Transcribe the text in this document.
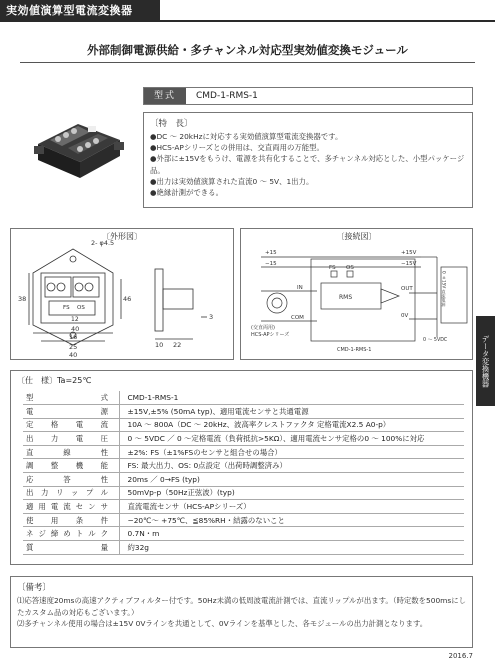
実効値演算型電流変換器
外部制御電源供給・多チャンネル対応型実効値変換モジュール
型式	CMD-1-RMS-1
〔特　長〕
●DC ～ 20kHzに対応する実効値演算型電流変換器です。
●HCS-APシリーズとの併用は、交直両用の万能型。
●外部に±15Vをもうけ、電源を共有化することで、多チャンネル対応とした、小型パッケージ品。
●出力は実効値演算された直流0 ～ 5V、1出力。
●絶縁計測ができる。
〔外形図〕
2- φ4.5
38	46
40
12
16
25
40
10 22
3
FS OS
〔接続図〕
+15
−15
FS OS
IN	OUT
COM	0V
RMS
+15V
−15V
(交直両用)
HCS-APシリーズ
CMD-1-RMS-1
0 ±15V 直流電源
0 ～ 5VDC
〔仕　様〕Ta=25℃
型式	CMD-1-RMS-1
電源	±15V,±5% (50mA typ)、適用電流センサと共通電源
定格電流	10A ～ 800A（DC ～ 20kHz、波高率クレストファクタ 定格電流X2.5 A0-p）
出力電圧	0 ～ 5VDC ／ 0 ～定格電流（負荷抵抗>5KΩ）、適用電流センサ定格の0 ～ 100%に対応
直線性	±2%: FS（±1%FSのセンサと組合せの場合）
調整機能	FS: 最大出力、OS: 0点設定（出荷時調整済み）
応答性	20ms ／ 0→FS (typ)
出力リップル	50mVp-p（50Hz正弦波）(typ)
適用電流センサ	直流電流センサ（HCS-APシリーズ）
使用条件	−20℃～ +75℃、≦85%RH・結露のないこと
ネジ締めトルク	0.7N・m
質量	約32g
〔備考〕
⑴応答速度20msの高速アクティブフィルター付です。50Hz未満の低周波電流計測では、直流リップルが出ます。（時定数を500msにしたカスタム品の対応もございます。）
⑵多チャンネル使用の場合は±15V 0Vラインを共通として、0Vラインを基準とした、各モジュールの出力計測となります。
データ変換機器
2016.7
